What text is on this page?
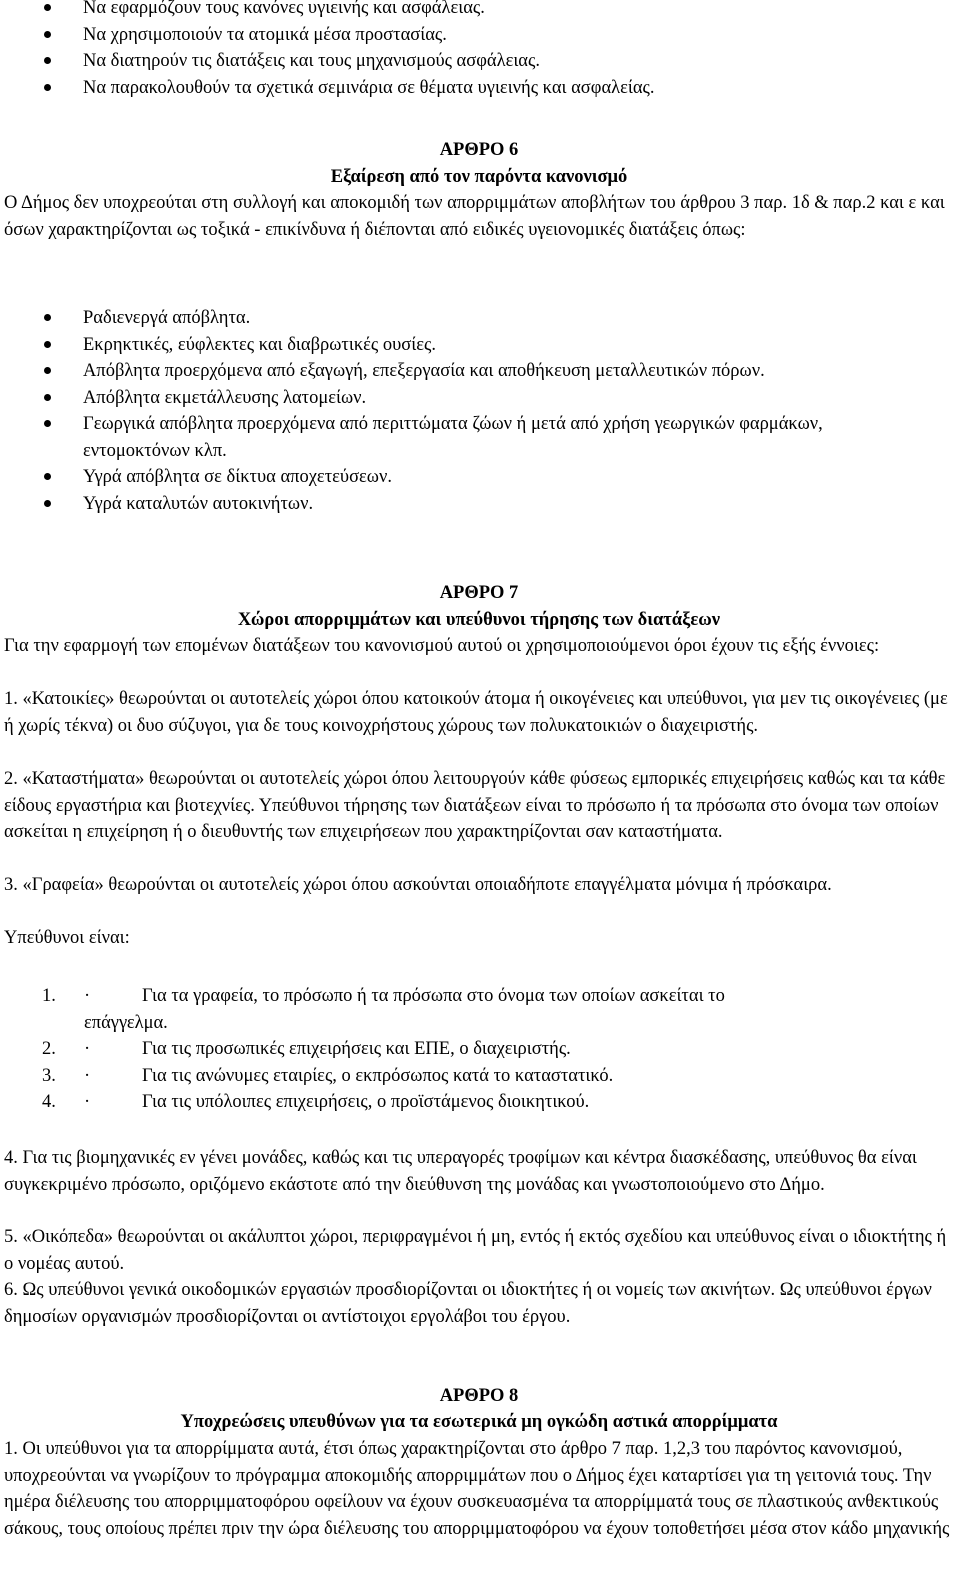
Να εφαρμόζουν τους κανόνες υγιεινής και ασφάλειας.
Να χρησιμοποιούν τα ατομικά μέσα προστασίας.
Να διατηρούν τις διατάξεις και τους μηχανισμούς ασφάλειας.
Να παρακολουθούν τα σχετικά σεμινάρια σε θέματα υγιεινής και ασφαλείας.
ΑΡΘΡΟ 6
Εξαίρεση από τον παρόντα κανονισμό

Ο Δήμος δεν υποχρεούται στη συλλογή και αποκομιδή των απορριμμάτων αποβλήτων του άρθρου 3 παρ. 1δ & παρ.2 και ε και όσων χαρακτηρίζονται ως τοξικά - επικίνδυνα ή διέπονται από ειδικές υγειονομικές διατάξεις όπως:

Ραδιενεργά απόβλητα.
Εκρηκτικές, εύφλεκτες και διαβρωτικές ουσίες.
Απόβλητα προερχόμενα από εξαγωγή, επεξεργασία και αποθήκευση μεταλλευτικών πόρων.
Απόβλητα εκμετάλλευσης λατομείων.
Γεωργικά απόβλητα προερχόμενα από περιττώματα ζώων ή μετά από χρήση γεωργικών φαρμάκων, εντομοκτόνων κλπ.
Υγρά απόβλητα σε δίκτυα αποχετεύσεων.
Υγρά καταλυτών αυτοκινήτων.
ΑΡΘΡΟ 7
Χώροι απορριμμάτων και υπεύθυνοι τήρησης των διατάξεων

Για την εφαρμογή των επομένων διατάξεων του κανονισμού αυτού οι χρησιμοποιούμενοι όροι έχουν τις εξής έννοιες:

1. «Κατοικίες» θεωρούνται οι αυτοτελείς χώροι όπου κατοικούν άτομα ή οικογένειες και υπεύθυνοι, για μεν τις οικογένειες (με ή χωρίς τέκνα) οι δυο σύζυγοι, για δε τους κοινοχρήστους χώρους των πολυκατοικιών ο διαχειριστής.

2. «Καταστήματα» θεωρούνται οι αυτοτελείς χώροι όπου λειτουργούν κάθε φύσεως εμπορικές επιχειρήσεις καθώς και τα κάθε είδους εργαστήρια και βιοτεχνίες. Υπεύθυνοι τήρησης των διατάξεων είναι το πρόσωπο ή τα πρόσωπα στο όνομα των οποίων ασκείται η επιχείρηση ή ο διευθυντής των επιχειρήσεων που χαρακτηρίζονται σαν καταστήματα.

3. «Γραφεία» θεωρούνται οι αυτοτελείς χώροι όπου ασκούνται οποιαδήποτε επαγγέλματα μόνιμα ή πρόσκαιρα.

Υπεύθυνοι είναι:
1. ·	Για τα γραφεία, το πρόσωπο ή τα πρόσωπα στο όνομα των οποίων ασκείται το
επάγγελμα.
2. ·	Για τις προσωπικές επιχειρήσεις και ΕΠΕ, ο διαχειριστής.
3. ·	Για τις ανώνυμες εταιρίες, ο εκπρόσωπος κατά το καταστατικό.
4. ·	Για τις υπόλοιπες επιχειρήσεις, ο προϊστάμενος διοικητικού.

4. Για τις βιομηχανικές εν γένει μονάδες, καθώς και τις υπεραγορές τροφίμων και κέντρα διασκέδασης, υπεύθυνος θα είναι συγκεκριμένο πρόσωπο, οριζόμενο εκάστοτε από την διεύθυνση της μονάδας και γνωστοποιούμενο στο Δήμο.

5. «Οικόπεδα» θεωρούνται οι ακάλυπτοι χώροι, περιφραγμένοι ή μη, εντός ή εκτός σχεδίου και υπεύθυνος είναι ο ιδιοκτήτης ή ο νομέας αυτού.

6. Ως υπεύθυνοι γενικά οικοδομικών εργασιών προσδιορίζονται οι ιδιοκτήτες ή οι νομείς των ακινήτων. Ως υπεύθυνοι έργων δημοσίων οργανισμών προσδιορίζονται οι αντίστοιχοι εργολάβοι του έργου.

ΑΡΘΡΟ 8
Υποχρεώσεις υπευθύνων για τα εσωτερικά μη ογκώδη αστικά απορρίμματα

1. Οι υπεύθυνοι για τα απορρίμματα αυτά, έτσι όπως χαρακτηρίζονται στο άρθρο 7 παρ. 1,2,3 του παρόντος κανονισμού, υποχρεούνται να γνωρίζουν το πρόγραμμα αποκομιδής απορριμμάτων που ο Δήμος έχει καταρτίσει για τη γειτονιά τους. Την ημέρα διέλευσης του απορριμματοφόρου οφείλουν να έχουν συσκευασμένα τα απορρίμματά τους σε πλαστικούς ανθεκτικούς σάκους, τους οποίους πρέπει πριν την ώρα διέλευσης του απορριμματοφόρου να έχουν τοποθετήσει μέσα στον κάδο μηχανικής
